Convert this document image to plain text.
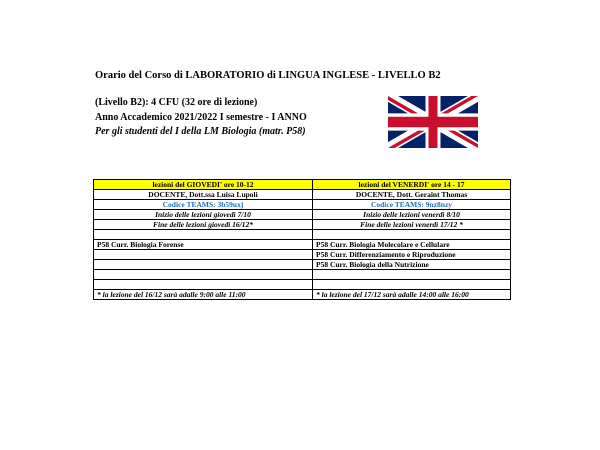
Orario del Corso di LABORATORIO di LINGUA INGLESE - LIVELLO B2
(Livello B2): 4 CFU (32 ore di lezione)
Anno Accademico 2021/2022 I semestre - I ANNO
Per gli studenti del I della LM Biologia (matr. P58)
lezioni del GIOVEDI' ore 10-12	lezioni del VENERDI' ore 14 - 17
DOCENTE, Dott.ssa Luisa Lupoli	DOCENTE, Dott. Geraint Thomas
Codice TEAMS: 3b59uxj	Codice TEAMS: 9nz8nzy
Inizio delle lezioni giovedì 7/10	Inizio delle lezioni venerdì 8/10
Fine delle lezioni giovedì 16/12*	Fine delle lezioni venerdì 17/12 *

P58 Curr. Biologia Forense	P58 Curr. Biologia Molecolare e Cellulare
	P58 Curr. Differenziamento e Riproduzione
	P58 Curr. Biologia della Nutrizione

* la lezione del 16/12 sarà adalle 9:00 alle 11:00	* la lezione del 17/12 sarà adalle 14:00 alle 16:00
